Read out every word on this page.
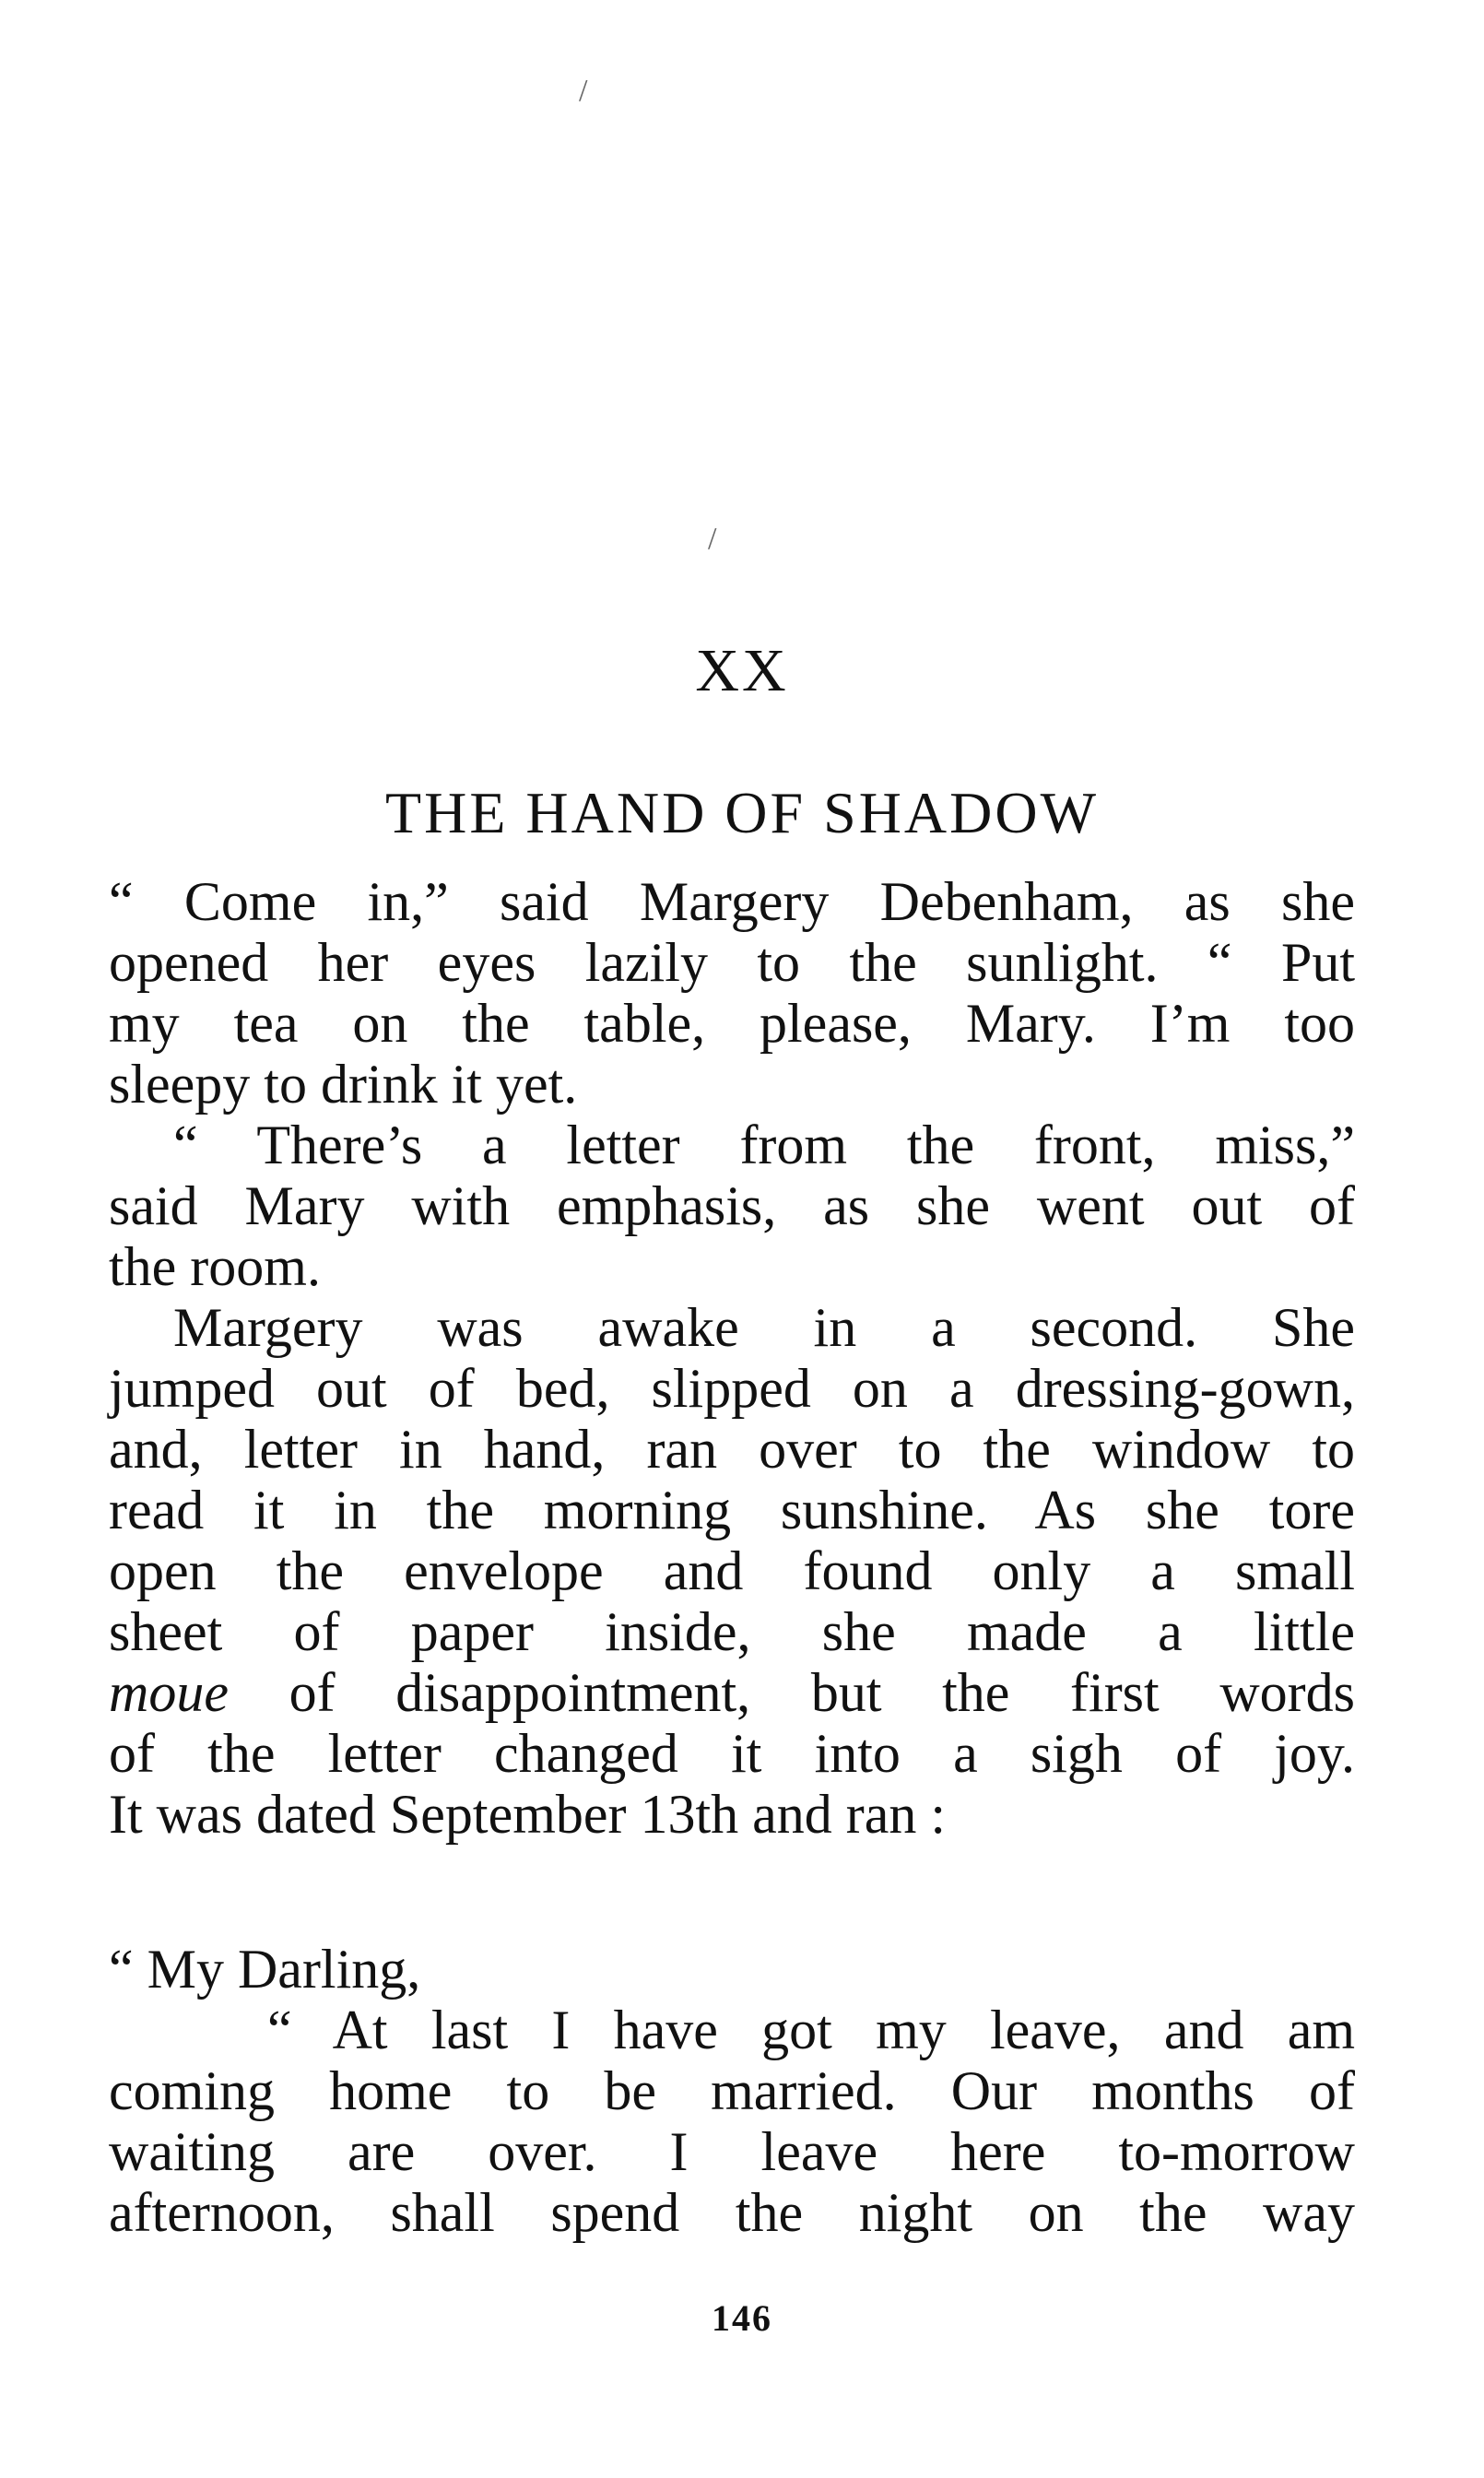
/
/
XX
THE HAND OF SHADOW
“ Come in,” said Margery Debenham, as she
opened her eyes lazily to the sunlight. “ Put
my tea on the table, please, Mary. I’m too
sleepy to drink it yet.
“ There’s a letter from the front, miss,”
said Mary with emphasis, as she went out of
the room.
Margery was awake in a second. She
jumped out of bed, slipped on a dressing-gown,
and, letter in hand, ran over to the window to
read it in the morning sunshine. As she tore
open the envelope and found only a small
sheet of paper inside, she made a little
moue of disappointment, but the first words
of the letter changed it into a sigh of joy.
It was dated September 13th and ran :
“ My Darling,
“ At last I have got my leave, and am
coming home to be married. Our months of
waiting are over. I leave here to-morrow
afternoon, shall spend the night on the way
146
